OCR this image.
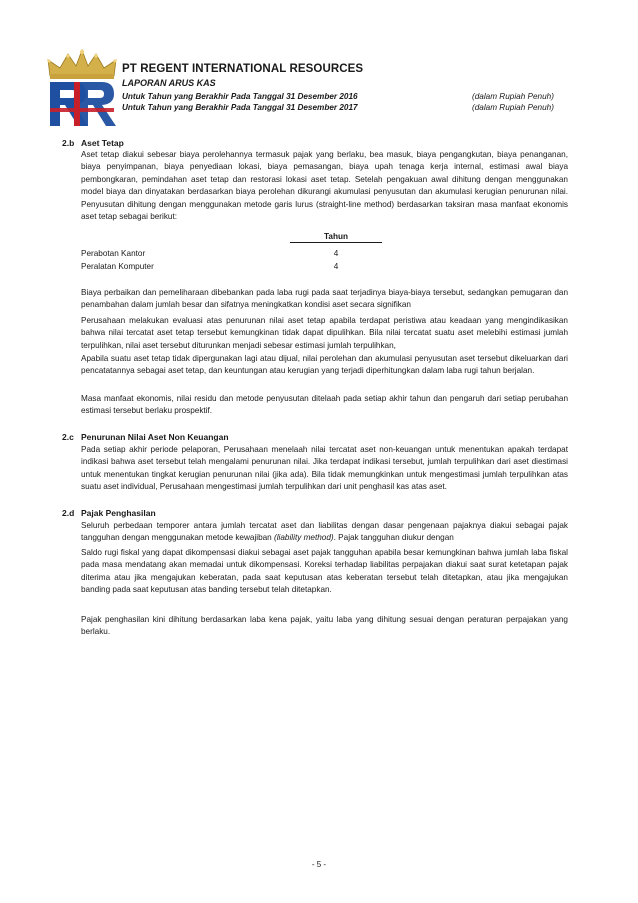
PT REGENT INTERNATIONAL RESOURCES
LAPORAN ARUS KAS
Untuk Tahun yang Berakhir Pada Tanggal 31 Desember 2016
Untuk Tahun yang Berakhir Pada Tanggal 31 Desember 2017
(dalam Rupiah Penuh)
(dalam Rupiah Penuh)
2.b Aset Tetap

Aset tetap diakui sebesar biaya perolehannya termasuk pajak yang berlaku, bea masuk, biaya pengangkutan, biaya penanganan, biaya penyimpanan, biaya penyediaan lokasi, biaya pemasangan, biaya upah tenaga kerja internal, estimasi awal biaya pembongkaran, pemindahan aset tetap dan restorasi lokasi aset tetap. Setelah pengakuan awal dihitung dengan menggunakan model biaya dan dinyatakan berdasarkan biaya perolehan dikurangi akumulasi penyusutan dan akumulasi kerugian penurunan nilai. Penyusutan dihitung dengan menggunakan metode garis lurus (straight-line method) berdasarkan taksiran masa manfaat ekonomis aset tetap sebagai berikut:

Tahun
Perabotan Kantor	4
Peralatan Komputer	4

Biaya perbaikan dan pemeliharaan dibebankan pada laba rugi pada saat terjadinya biaya-biaya tersebut, sedangkan pemugaran dan penambahan dalam jumlah besar dan sifatnya meningkatkan kondisi aset secara signifikan

Perusahaan melakukan evaluasi atas penurunan nilai aset tetap apabila terdapat peristiwa atau keadaan yang mengindikasikan bahwa nilai tercatat aset tetap tersebut kemungkinan tidak dapat dipulihkan. Bila nilai tercatat suatu aset melebihi estimasi jumlah terpulihkan, nilai aset tersebut diturunkan menjadi sebesar estimasi jumlah terpulihkan,

Apabila suatu aset tetap tidak dipergunakan lagi atau dijual, nilai perolehan dan akumulasi penyusutan aset tersebut dikeluarkan dari pencatatannya sebagai aset tetap, dan keuntungan atau kerugian yang terjadi diperhitungkan dalam laba rugi tahun berjalan.

Masa manfaat ekonomis, nilai residu dan metode penyusutan ditelaah pada setiap akhir tahun dan pengaruh dari setiap perubahan estimasi tersebut berlaku prospektif.

2.c Penurunan Nilai Aset Non Keuangan

Pada setiap akhir periode pelaporan, Perusahaan menelaah nilai tercatat aset non-keuangan untuk menentukan apakah terdapat indikasi bahwa aset tersebut telah mengalami penurunan nilai. Jika terdapat indikasi tersebut, jumlah terpulihkan dari aset diestimasi untuk menentukan tingkat kerugian penurunan nilai (jika ada). Bila tidak memungkinkan untuk mengestimasi jumlah terpulihkan atas suatu aset individual, Perusahaan mengestimasi jumlah terpulihkan dari unit penghasil kas atas aset.

2.d Pajak Penghasilan

Seluruh perbedaan temporer antara jumlah tercatat aset dan liabilitas dengan dasar pengenaan pajaknya diakui sebagai pajak tangguhan dengan menggunakan metode kewajiban (liability method). Pajak tangguhan diukur dengan

Saldo rugi fiskal yang dapat dikompensasi diakui sebagai aset pajak tangguhan apabila besar kemungkinan bahwa jumlah laba fiskal pada masa mendatang akan memadai untuk dikompensasi. Koreksi terhadap liabilitas perpajakan diakui saat surat ketetapan pajak diterima atau jika mengajukan keberatan, pada saat keputusan atas keberatan tersebut telah ditetapkan, atau jika mengajukan banding pada saat keputusan atas banding tersebut telah ditetapkan.

Pajak penghasilan kini dihitung berdasarkan laba kena pajak, yaitu laba yang dihitung sesuai dengan peraturan perpajakan yang berlaku.

- 5 -
